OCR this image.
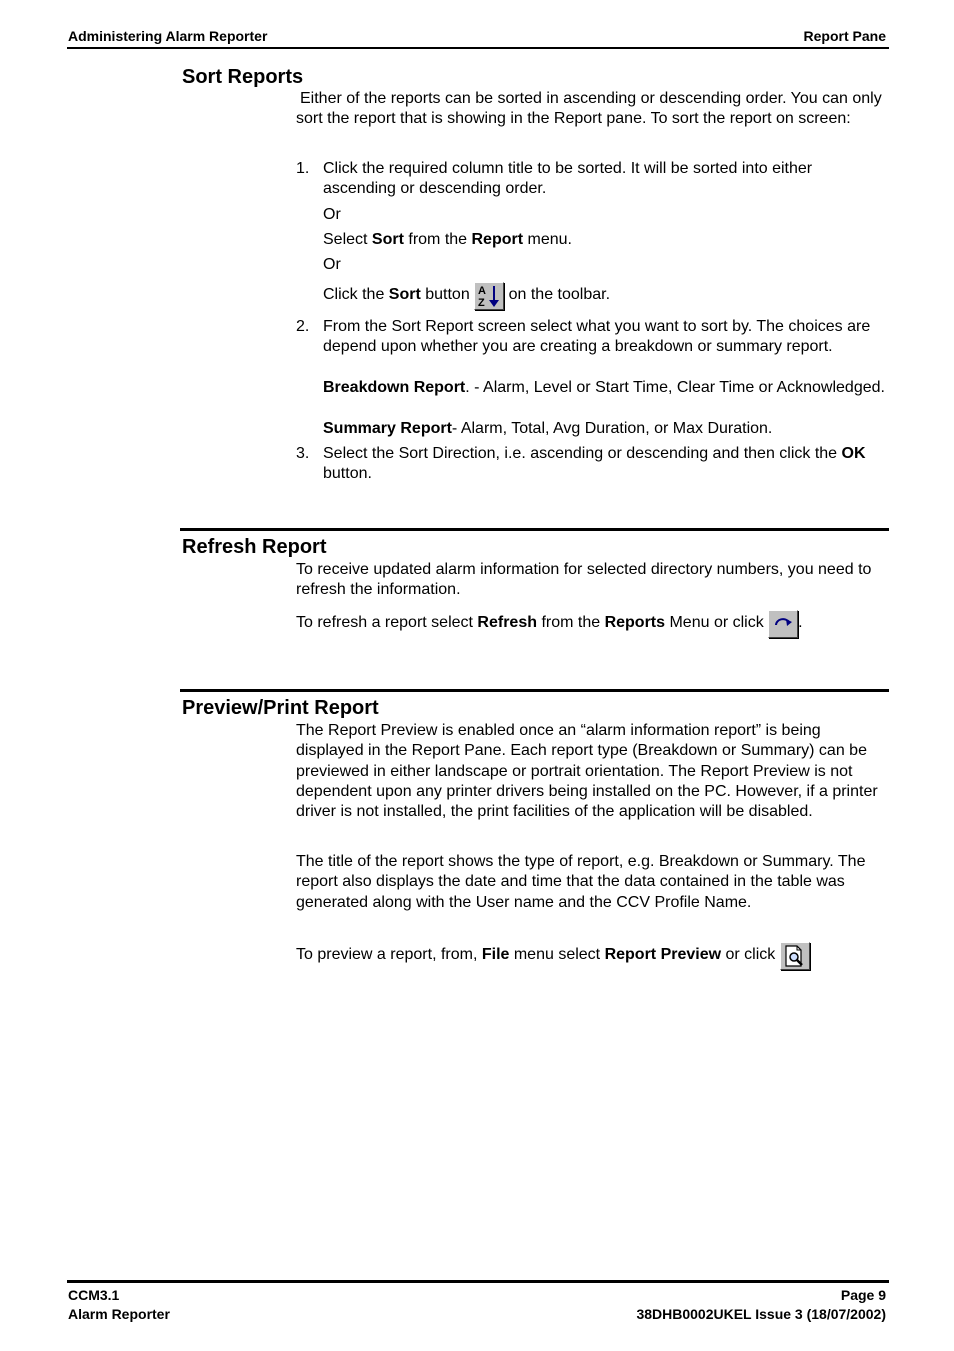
Administering Alarm Reporter	Report Pane
Sort Reports
Either of the reports can be sorted in ascending or descending order. You can only sort the report that is showing in the Report pane. To sort the report on screen:
1. Click the required column title to be sorted. It will be sorted into either ascending or descending order.
Or
Select Sort from the Report menu.
Or
Click the Sort button A
Z on the toolbar.
2. From the Sort Report screen select what you want to sort by. The choices are depend upon whether you are creating a breakdown or summary report.
Breakdown Report. - Alarm, Level or Start Time, Clear Time or Acknowledged.
Summary Report- Alarm, Total, Avg Duration, or Max Duration.
3. Select the Sort Direction, i.e. ascending or descending and then click the OK button.
Refresh Report
To receive updated alarm information for selected directory numbers, you need to refresh the information.
To refresh a report select Refresh from the Reports Menu or click
.
Preview/Print Report
The Report Preview is enabled once an “alarm information report” is being displayed in the Report Pane. Each report type (Breakdown or Summary) can be previewed in either landscape or portrait orientation. The Report Preview is not dependent upon any printer drivers being installed on the PC. However, if a printer driver is not installed, the print facilities of the application will be disabled.
The title of the report shows the type of report, e.g. Breakdown or Summary. The report also displays the date and time that the data contained in the table was generated along with the User name and the CCV Profile Name.
To preview a report, from, File menu select Report Preview or click
CCM3.1
Alarm Reporter
Page 9
38DHB0002UKEL Issue 3 (18/07/2002)
